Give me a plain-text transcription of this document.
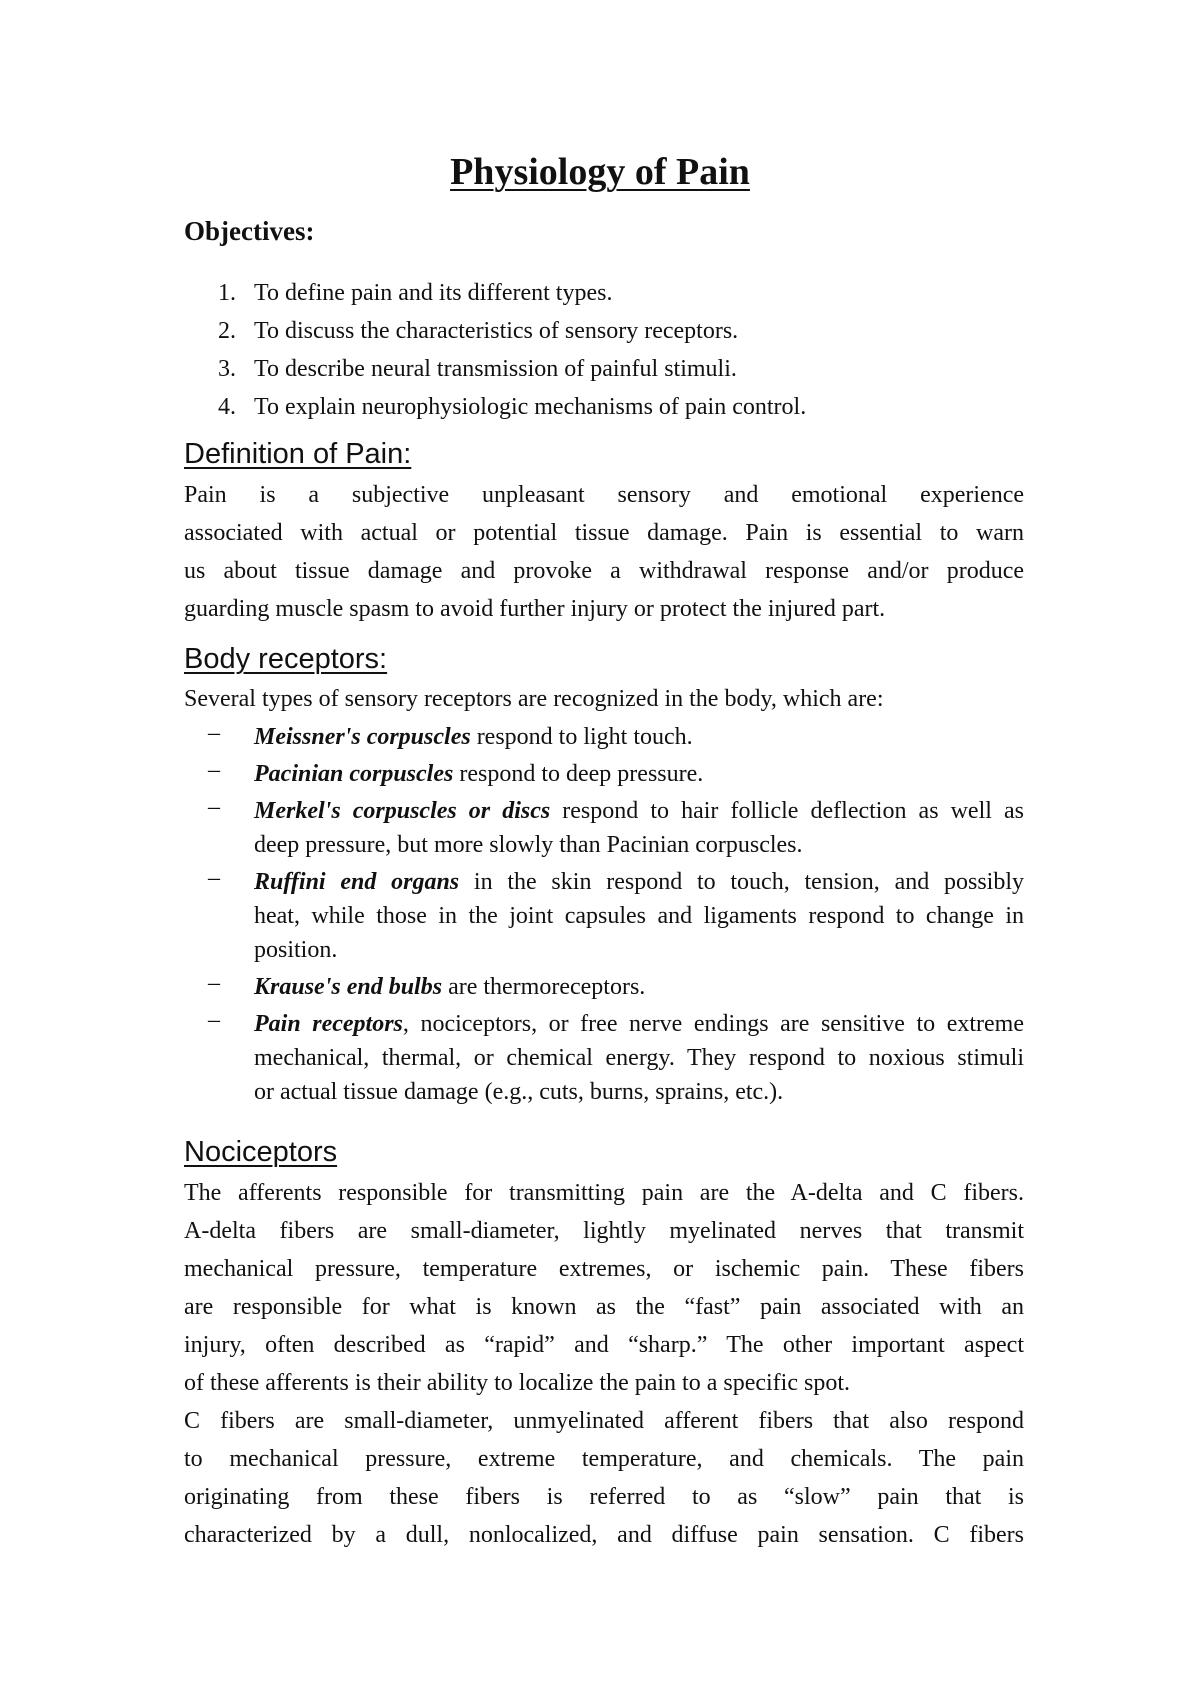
Physiology of Pain
Objectives:
1. To define pain and its different types.
2. To discuss the characteristics of sensory receptors.
3. To describe neural transmission of painful stimuli.
4. To explain neurophysiologic mechanisms of pain control.
Definition of Pain:
Pain is a subjective unpleasant sensory and emotional experience
associated with actual or potential tissue damage. Pain is essential to warn
us about tissue damage and provoke a withdrawal response and/or produce
guarding muscle spasm to avoid further injury or protect the injured part.
Body receptors:
Several types of sensory receptors are recognized in the body, which are:
– Meissner's corpuscles respond to light touch.
– Pacinian corpuscles respond to deep pressure.
– Merkel's corpuscles or discs respond to hair follicle deflection as well as
deep pressure, but more slowly than Pacinian corpuscles.
– Ruffini end organs in the skin respond to touch, tension, and possibly
heat, while those in the joint capsules and ligaments respond to change in
position.
– Krause's end bulbs are thermoreceptors.
– Pain receptors, nociceptors, or free nerve endings are sensitive to extreme
mechanical, thermal, or chemical energy. They respond to noxious stimuli
or actual tissue damage (e.g., cuts, burns, sprains, etc.).
Nociceptors
The afferents responsible for transmitting pain are the A-delta and C fibers.
A-delta fibers are small-diameter, lightly myelinated nerves that transmit
mechanical pressure, temperature extremes, or ischemic pain. These fibers
are responsible for what is known as the “fast” pain associated with an
injury, often described as “rapid” and “sharp.” The other important aspect
of these afferents is their ability to localize the pain to a specific spot.
C fibers are small-diameter, unmyelinated afferent fibers that also respond
to mechanical pressure, extreme temperature, and chemicals. The pain
originating from these fibers is referred to as “slow” pain that is
characterized by a dull, nonlocalized, and diffuse pain sensation. C fibers
